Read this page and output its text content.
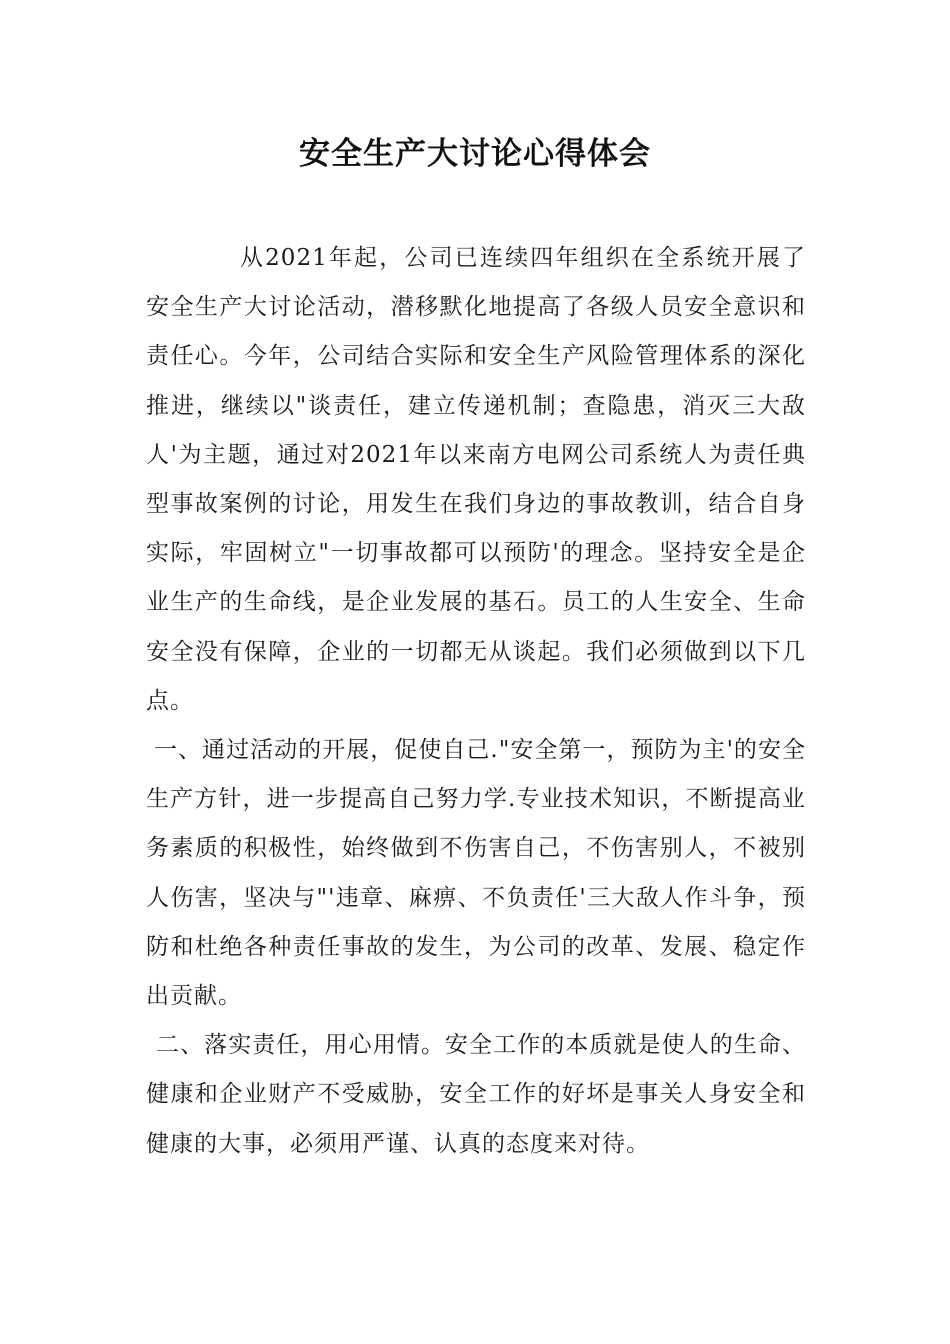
安全生产大讨论心得体会

从2021年起，公司已连续四年组织在全系统开展了安全生产大讨论活动，潜移默化地提高了各级人员安全意识和责任心。今年，公司结合实际和安全生产风险管理体系的深化推进，继续以"谈责任，建立传递机制；查隐患，消灭三大敌人'为主题，通过对2021年以来南方电网公司系统人为责任典型事故案例的讨论，用发生在我们身边的事故教训，结合自身实际，牢固树立"一切事故都可以预防'的理念。坚持安全是企业生产的生命线，是企业发展的基石。员工的人生安全、生命安全没有保障，企业的一切都无从谈起。我们必须做到以下几点。

一、通过活动的开展，促使自己."安全第一，预防为主'的安全生产方针，进一步提高自己努力学.专业技术知识，不断提高业务素质的积极性，始终做到不伤害自己，不伤害别人，不被别人伤害，坚决与"'违章、麻痹、不负责任'三大敌人作斗争，预防和杜绝各种责任事故的发生，为公司的改革、发展、稳定作出贡献。

二、落实责任，用心用情。安全工作的本质就是使人的生命、健康和企业财产不受威胁，安全工作的好坏是事关人身安全和健康的大事，必须用严谨、认真的态度来对待。
